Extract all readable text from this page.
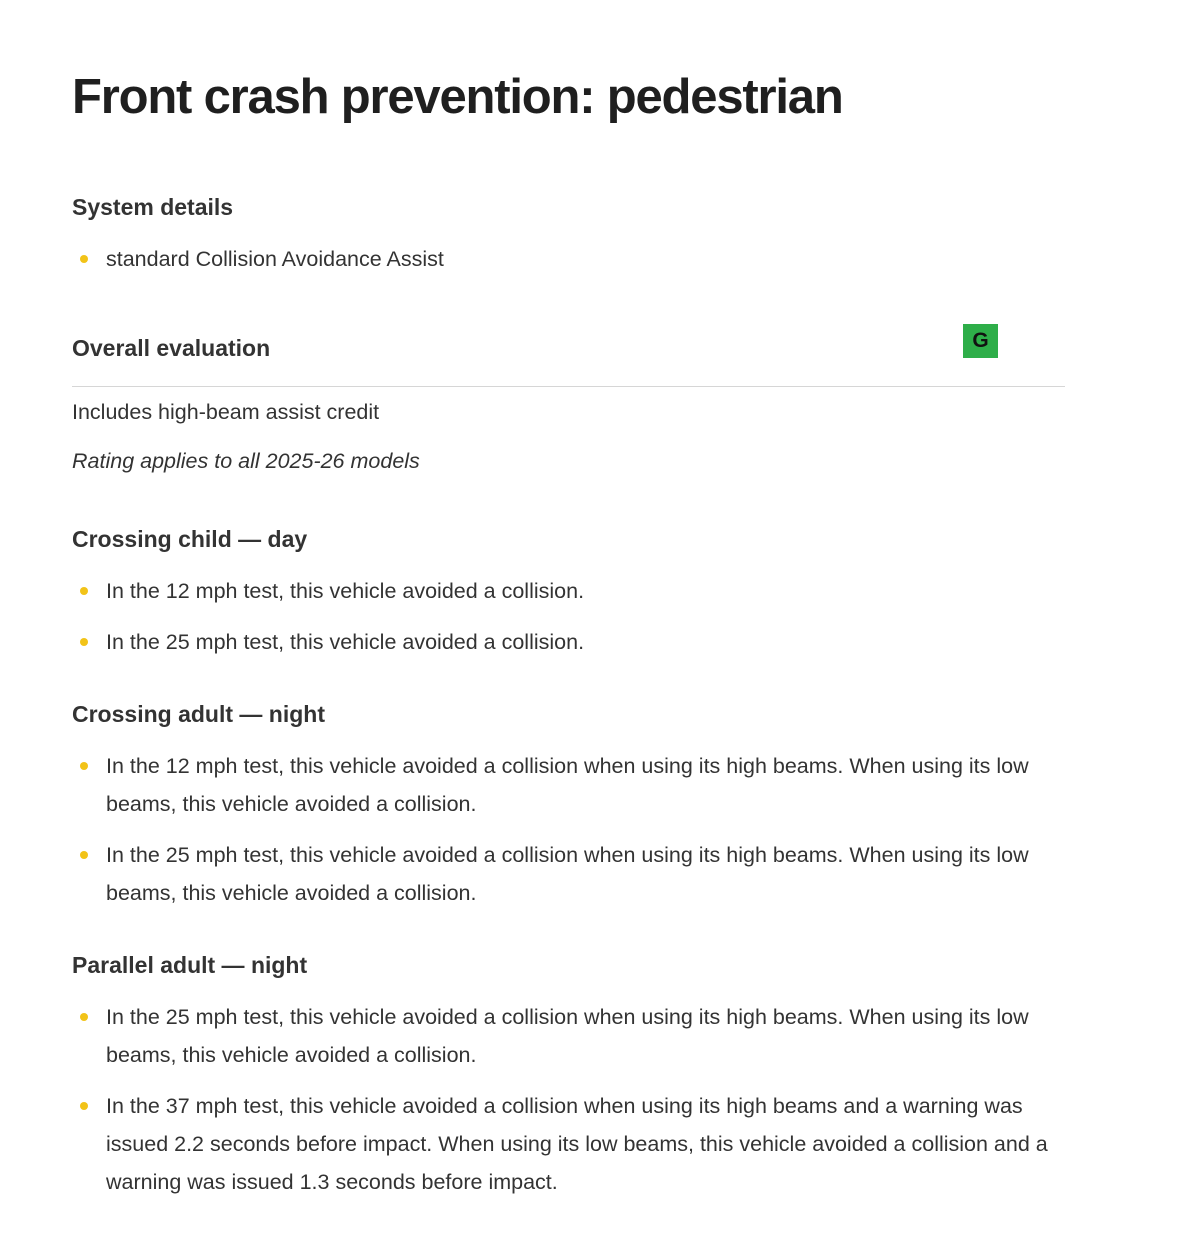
Front crash prevention: pedestrian
System details
standard Collision Avoidance Assist
Overall evaluation	G

Includes high-beam assist credit

Rating applies to all 2025-26 models

Crossing child — day
In the 12 mph test, this vehicle avoided a collision.
In the 25 mph test, this vehicle avoided a collision.
Crossing adult — night
In the 12 mph test, this vehicle avoided a collision when using its high beams. When using its low beams, this vehicle avoided a collision.
In the 25 mph test, this vehicle avoided a collision when using its high beams. When using its low beams, this vehicle avoided a collision.
Parallel adult — night
In the 25 mph test, this vehicle avoided a collision when using its high beams. When using its low beams, this vehicle avoided a collision.
In the 37 mph test, this vehicle avoided a collision when using its high beams and a warning was issued 2.2 seconds before impact. When using its low beams, this vehicle avoided a collision and a warning was issued 1.3 seconds before impact.
